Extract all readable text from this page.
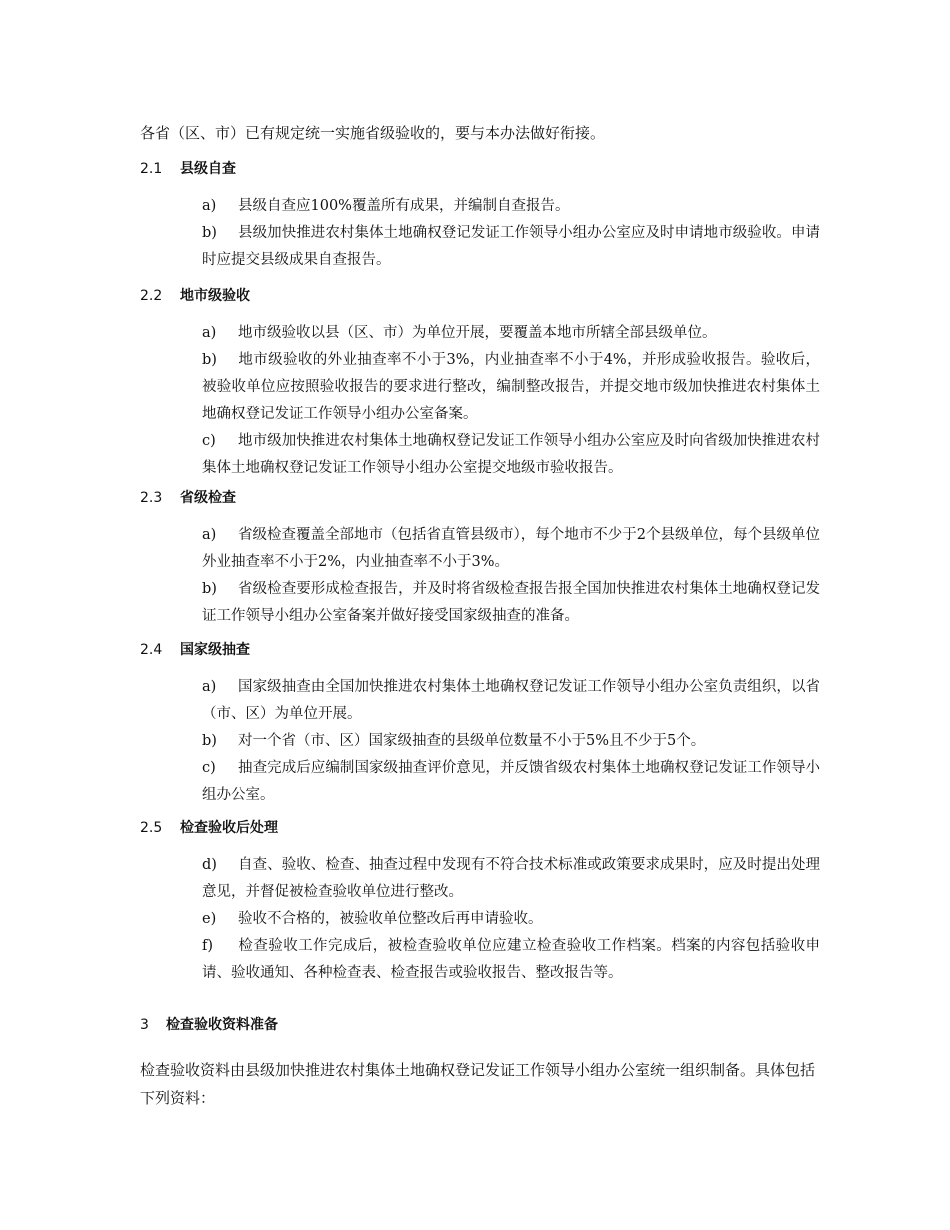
各省（区、市）已有规定统一实施省级验收的，要与本办法做好衔接。

2.1 县级自查
a) 县级自查应100%覆盖所有成果，并编制自查报告。
b) 县级加快推进农村集体土地确权登记发证工作领导小组办公室应及时申请地市级验收。申请时应提交县级成果自查报告。
2.2 地市级验收
a) 地市级验收以县（区、市）为单位开展，要覆盖本地市所辖全部县级单位。
b) 地市级验收的外业抽查率不小于3%，内业抽查率不小于4%，并形成验收报告。验收后，被验收单位应按照验收报告的要求进行整改，编制整改报告，并提交地市级加快推进农村集体土地确权登记发证工作领导小组办公室备案。
c) 地市级加快推进农村集体土地确权登记发证工作领导小组办公室应及时向省级加快推进农村集体土地确权登记发证工作领导小组办公室提交地级市验收报告。
2.3 省级检查
a) 省级检查覆盖全部地市（包括省直管县级市），每个地市不少于2个县级单位，每个县级单位外业抽查率不小于2%，内业抽查率不小于3%。
b) 省级检查要形成检查报告，并及时将省级检查报告报全国加快推进农村集体土地确权登记发证工作领导小组办公室备案并做好接受国家级抽查的准备。
2.4 国家级抽查
a) 国家级抽查由全国加快推进农村集体土地确权登记发证工作领导小组办公室负责组织，以省（市、区）为单位开展。
b) 对一个省（市、区）国家级抽查的县级单位数量不小于5%且不少于5个。
c) 抽查完成后应编制国家级抽查评价意见，并反馈省级农村集体土地确权登记发证工作领导小组办公室。
2.5 检查验收后处理
d) 自查、验收、检查、抽查过程中发现有不符合技术标准或政策要求成果时，应及时提出处理意见，并督促被检查验收单位进行整改。
e) 验收不合格的，被验收单位整改后再申请验收。
f) 检查验收工作完成后，被检查验收单位应建立检查验收工作档案。档案的内容包括验收申请、验收通知、各种检查表、检查报告或验收报告、整改报告等。
3 检查验收资料准备

检查验收资料由县级加快推进农村集体土地确权登记发证工作领导小组办公室统一组织制备。具体包括下列资料：
